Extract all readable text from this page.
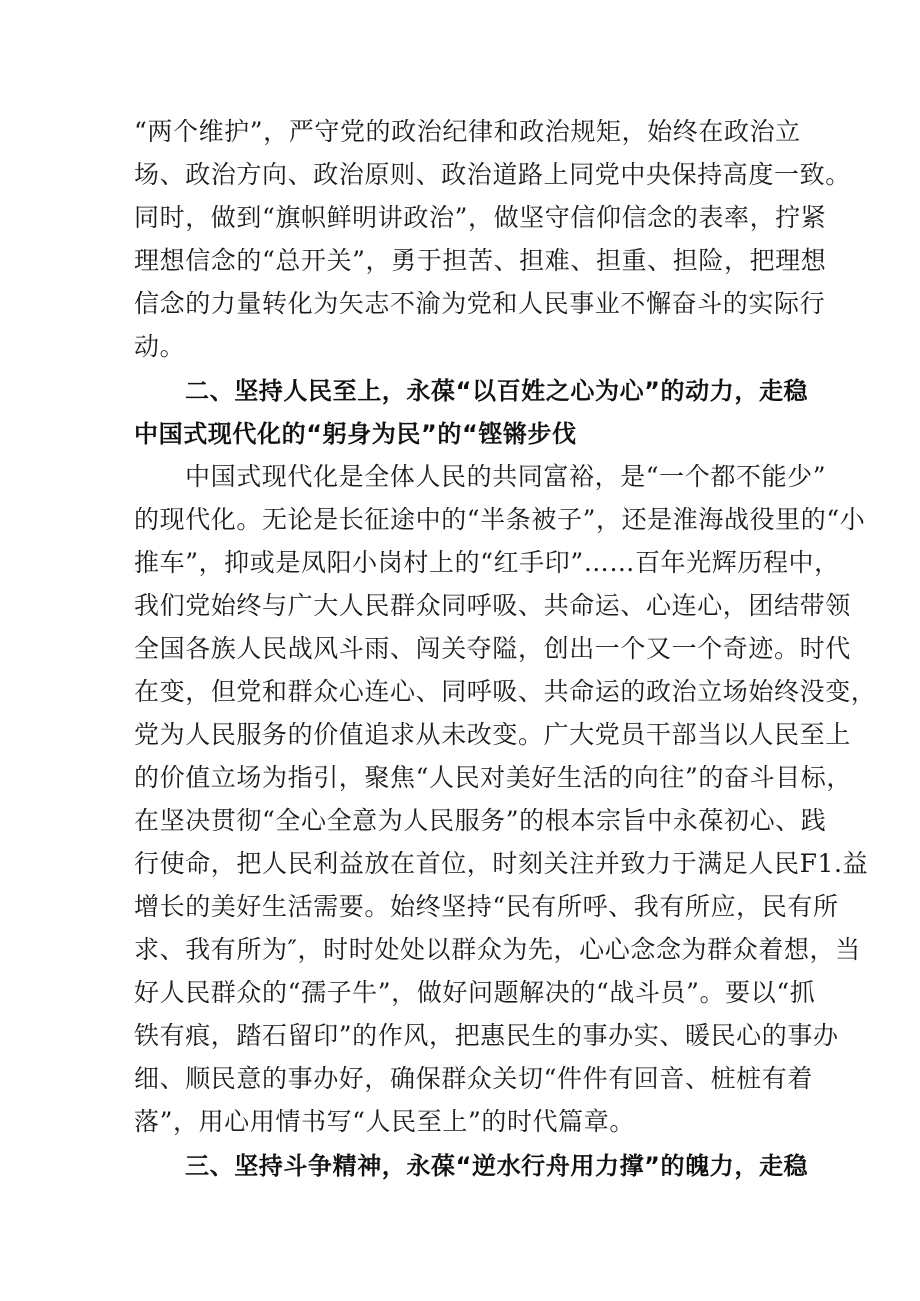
“两个维护”，严守党的政治纪律和政治规矩，始终在政治立
场、政治方向、政治原则、政治道路上同党中央保持高度一致。
同时，做到“旗帜鲜明讲政治”，做坚守信仰信念的表率，拧紧
理想信念的“总开关”，勇于担苦、担难、担重、担险，把理想
信念的力量转化为矢志不渝为党和人民事业不懈奋斗的实际行
动。
二、坚持人民至上，永葆“以百姓之心为心”的动力，走稳
中国式现代化的“躬身为民”的“铿锵步伐
中国式现代化是全体人民的共同富裕，是“一个都不能少”
的现代化。无论是长征途中的“半条被子”，还是淮海战役里的“小
推车”，抑或是凤阳小岗村上的“红手印”……百年光辉历程中，
我们党始终与广大人民群众同呼吸、共命运、心连心，团结带领
全国各族人民战风斗雨、闯关夺隘，创出一个又一个奇迹。时代
在变，但党和群众心连心、同呼吸、共命运的政治立场始终没变，
党为人民服务的价值追求从未改变。广大党员干部当以人民至上
的价值立场为指引，聚焦“人民对美好生活的向往”的奋斗目标，
在坚决贯彻“全心全意为人民服务”的根本宗旨中永葆初心、践
行使命，把人民利益放在首位，时刻关注并致力于满足人民F1.益
增长的美好生活需要。始终坚持“民有所呼、我有所应，民有所
求、我有所为″，时时处处以群众为先，心心念念为群众着想，当
好人民群众的“孺子牛”，做好问题解决的“战斗员”。要以“抓
铁有痕，踏石留印”的作风，把惠民生的事办实、暖民心的事办
细、顺民意的事办好，确保群众关切“件件有回音、桩桩有着
落”，用心用情书写“人民至上”的时代篇章。
三、坚持斗争精神，永葆“逆水行舟用力撑”的魄力，走稳
